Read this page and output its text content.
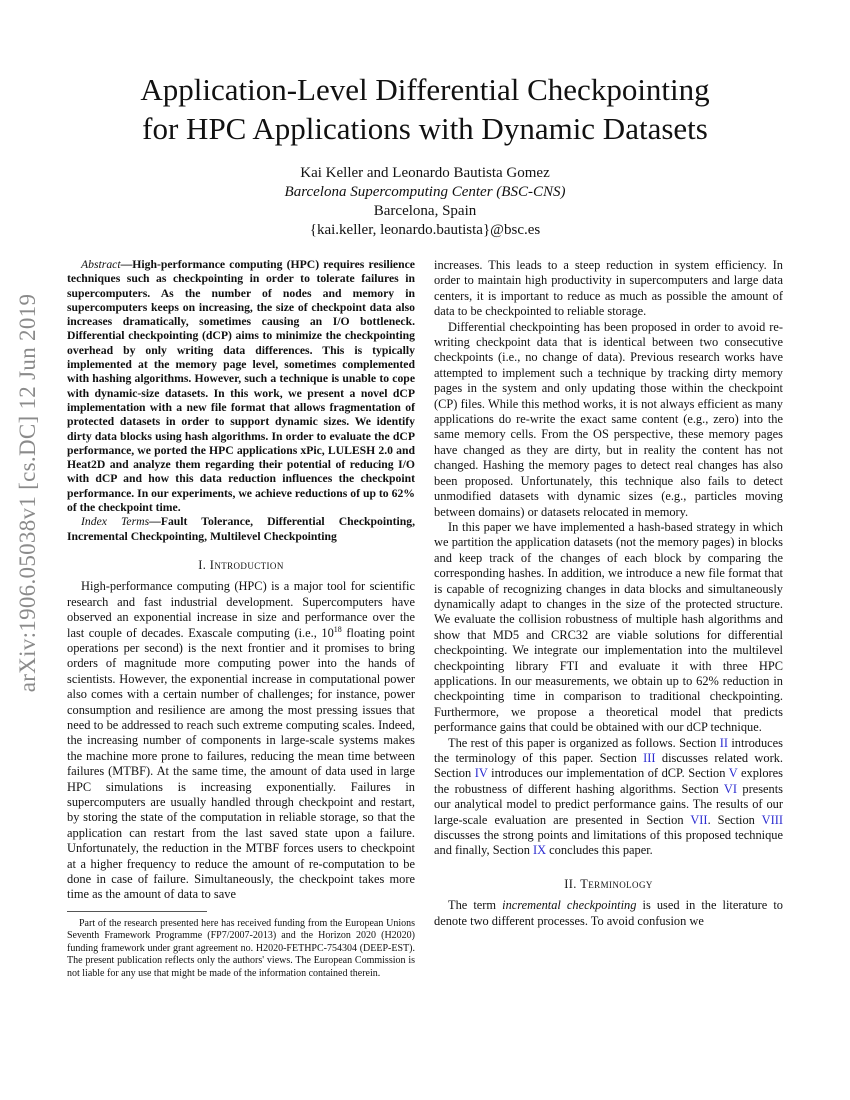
arXiv:1906.05038v1 [cs.DC] 12 Jun 2019
Application-Level Differential Checkpointing
for HPC Applications with Dynamic Datasets
Kai Keller and Leonardo Bautista Gomez
Barcelona Supercomputing Center (BSC-CNS)
Barcelona, Spain
{kai.keller, leonardo.bautista}@bsc.es

Abstract—High-performance computing (HPC) requires resilience techniques such as checkpointing in order to tolerate failures in supercomputers. As the number of nodes and memory in supercomputers keeps on increasing, the size of checkpoint data also increases dramatically, sometimes causing an I/O bottleneck. Differential checkpointing (dCP) aims to minimize the checkpointing overhead by only writing data differences. This is typically implemented at the memory page level, sometimes complemented with hashing algorithms. However, such a technique is unable to cope with dynamic-size datasets. In this work, we present a novel dCP implementation with a new file format that allows fragmentation of protected datasets in order to support dynamic sizes. We identify dirty data blocks using hash algorithms. In order to evaluate the dCP performance, we ported the HPC applications xPic, LULESH 2.0 and Heat2D and analyze them regarding their potential of reducing I/O with dCP and how this data reduction influences the checkpoint performance. In our experiments, we achieve reductions of up to 62% of the checkpoint time.

Index Terms—Fault Tolerance, Differential Checkpointing, Incremental Checkpointing, Multilevel Checkpointing

I. Introduction

High-performance computing (HPC) is a major tool for scientific research and fast industrial development. Supercomputers have observed an exponential increase in size and performance over the last couple of decades. Exascale computing (i.e., $10^{18}$ floating point operations per second) is the next frontier and it promises to bring orders of magnitude more computing power into the hands of scientists. However, the exponential increase in computational power also comes with a certain number of challenges; for instance, power consumption and resilience are among the most pressing issues that need to be addressed to reach such extreme computing scales. Indeed, the increasing number of components in large-scale systems makes the machine more prone to failures, reducing the mean time between failures (MTBF). At the same time, the amount of data used in large HPC simulations is increasing exponentially. Failures in supercomputers are usually handled through checkpoint and restart, by storing the state of the computation in reliable storage, so that the application can restart from the last saved state upon a failure. Unfortunately, the reduction in the MTBF forces users to checkpoint at a higher frequency to reduce the amount of re-computation to be done in case of failure. Simultaneously, the checkpoint takes more time as the amount of data to save

Part of the research presented here has received funding from the European Unions Seventh Framework Programme (FP7/2007-2013) and the Horizon 2020 (H2020) funding framework under grant agreement no. H2020-FETHPC-754304 (DEEP-EST). The present publication reflects only the authors' views. The European Commission is not liable for any use that might be made of the information contained therein.

increases. This leads to a steep reduction in system efficiency. In order to maintain high productivity in supercomputers and large data centers, it is important to reduce as much as possible the amount of data to be checkpointed to reliable storage.

Differential checkpointing has been proposed in order to avoid re-writing checkpoint data that is identical between two consecutive checkpoints (i.e., no change of data). Previous research works have attempted to implement such a technique by tracking dirty memory pages in the system and only updating those within the checkpoint (CP) files. While this method works, it is not always efficient as many applications do re-write the exact same content (e.g., zero) into the same memory cells. From the OS perspective, these memory pages have changed as they are dirty, but in reality the content has not changed. Hashing the memory pages to detect real changes has also been proposed. Unfortunately, this technique also fails to detect unmodified datasets with dynamic sizes (e.g., particles moving between domains) or datasets relocated in memory.

In this paper we have implemented a hash-based strategy in which we partition the application datasets (not the memory pages) in blocks and keep track of the changes of each block by comparing the corresponding hashes. In addition, we introduce a new file format that is capable of recognizing changes in data blocks and simultaneously dynamically adapt to changes in the size of the protected structure. We evaluate the collision robustness of multiple hash algorithms and show that MD5 and CRC32 are viable solutions for differential checkpointing. We integrate our implementation into the multilevel checkpointing library FTI and evaluate it with three HPC applications. In our measurements, we obtain up to 62% reduction in checkpointing time in comparison to traditional checkpointing. Furthermore, we propose a theoretical model that predicts performance gains that could be obtained with our dCP technique.

The rest of this paper is organized as follows. Section II introduces the terminology of this paper. Section III discusses related work. Section IV introduces our implementation of dCP. Section V explores the robustness of different hashing algorithms. Section VI presents our analytical model to predict performance gains. The results of our large-scale evaluation are presented in Section VII. Section VIII discusses the strong points and limitations of this proposed technique and finally, Section IX concludes this paper.

II. Terminology

The term incremental checkpointing is used in the literature to denote two different processes. To avoid confusion we
